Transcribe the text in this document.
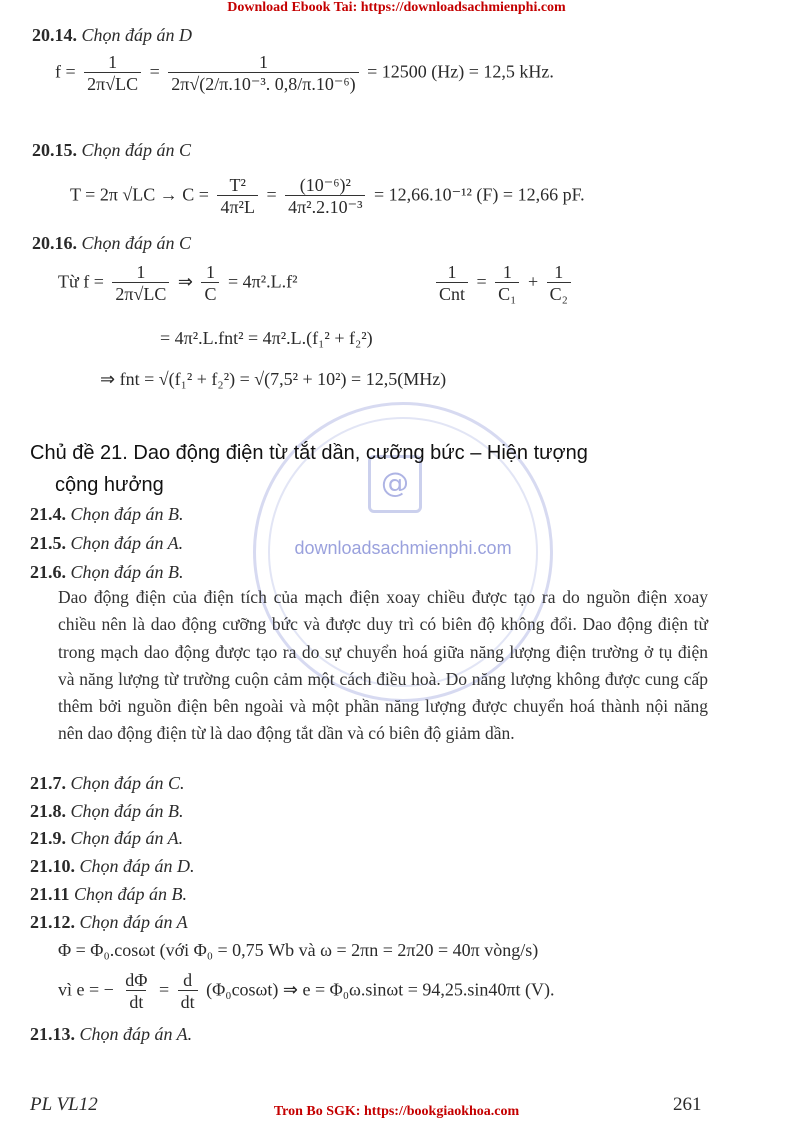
Download Ebook Tai: https://downloadsachmienphi.com
@
downloadsachmienphi.com
20.14. Chọn đáp án D
$f = \frac{1}{2\pi√LC} = \frac{1}{\text{2π√(2/π.10⁻³. 0,8/π.10⁻⁶)}} = 12500$ (Hz) = 12,5 kHz.
20.15. Chọn đáp án C
T = 2π $√LC \to C = \frac{\text{T²}}{\text{4π²L}} = \frac{\text{(10⁻⁶)²}}{\text{4π².2.10⁻³}} = 12,66.10^{-12}$ (F) = 12,66 pF.
20.16. Chọn đáp án C
Từ $f = \frac{1}{2\pi√LC}$ ⇒ $\frac{1}{C} = 4\pi^2.L.f^2$	$\frac{1}{\text{Cnt}} = \frac{1}{\text{C₁}} + \frac{1}{\text{C₂}}$
= 4π².L.fnt² = 4π².L.(f₁² + f₂²)
⇒ fnt = √(f₁² + f₂²) = √(7,5² + 10²) = 12,5(MHz)
Chủ đề 21. Dao động điện từ tắt dần, cưỡng bức – Hiện tượng
cộng hưởng
21.4. Chọn đáp án B.
21.5. Chọn đáp án A.
21.6. Chọn đáp án B.
Dao động điện của điện tích của mạch điện xoay chiều được tạo ra do nguồn điện xoay chiều nên là dao động cưỡng bức và được duy trì có biên độ không đổi. Dao động điện từ trong mạch dao động được tạo ra do sự chuyển hoá giữa năng lượng điện trường ở tụ điện và năng lượng từ trường cuộn cảm một cách điều hoà. Do năng lượng không được cung cấp thêm bởi nguồn điện bên ngoài và một phần năng lượng được chuyển hoá thành nội năng nên dao động điện từ là dao động tắt dần và có biên độ giảm dần.
21.7. Chọn đáp án C.
21.8. Chọn đáp án B.
21.9. Chọn đáp án A.
21.10. Chọn đáp án D.
21.11 Chọn đáp án B.
21.12. Chọn đáp án A
Φ = Φ₀.cosωt (với Φ₀ = 0,75 Wb và ω = 2πn = 2π20 = 40π vòng/s)
vì e = − $\frac{d\Phi}{dt} = \frac{d}{dt} (\Phi_0\cos\omega t)$ ⇒ e = Φ₀ω.sinωt = 94,25.sin40πt (V).
21.13. Chọn đáp án A.
PL VL12	261
Tron Bo SGK: https://bookgiaokhoa.com
